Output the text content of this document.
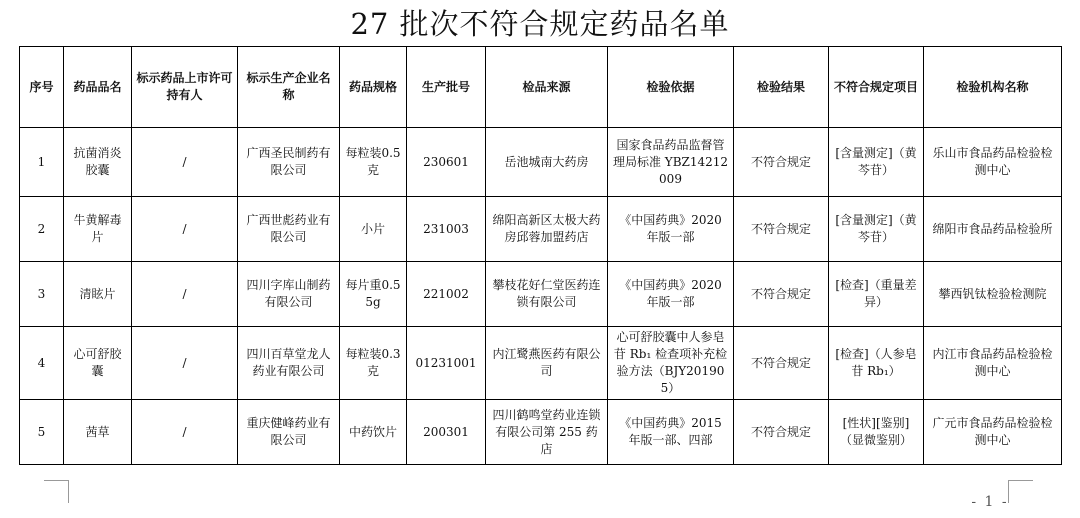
27 批次不符合规定药品名单
序号	药品品名	标示药品上市许可持有人	标示生产企业名称	药品规格	生产批号	检品来源	检验依据	检验结果	不符合规定项目	检验机构名称
1	抗菌消炎胶囊	/	广西圣民制药有限公司	每粒装0.5 克	230601	岳池城南大药房	国家食品药品监督管理局标准 YBZ14212009	不符合规定	[含量测定]（黄芩苷）	乐山市食品药品检验检测中心
2	牛黄解毒片	/	广西世彪药业有限公司	小片	231003	绵阳高新区太极大药房邱蓉加盟药店	《中国药典》2020 年版一部	不符合规定	[含量测定]（黄芩苷）	绵阳市食品药品检验所
3	清眩片	/	四川字库山制药有限公司	每片重0.55g	221002	攀枝花好仁堂医药连锁有限公司	《中国药典》2020 年版一部	不符合规定	[检查]（重量差异）	攀西钒钛检验检测院
4	心可舒胶囊	/	四川百草堂龙人药业有限公司	每粒装0.3 克	01231001	内江鹭燕医药有限公司	心可舒胶囊中人参皂苷 Rb₁ 检查项补充检验方法（BJY201905）	不符合规定	[检查]（人参皂苷 Rb₁）	内江市食品药品检验检测中心
5	茜草	/	重庆健峰药业有限公司	中药饮片	200301	四川鹤鸣堂药业连锁有限公司第 255 药店	《中国药典》2015 年版一部、四部	不符合规定	[性状][鉴别]（显微鉴别）	广元市食品药品检验检测中心
- 1 -
